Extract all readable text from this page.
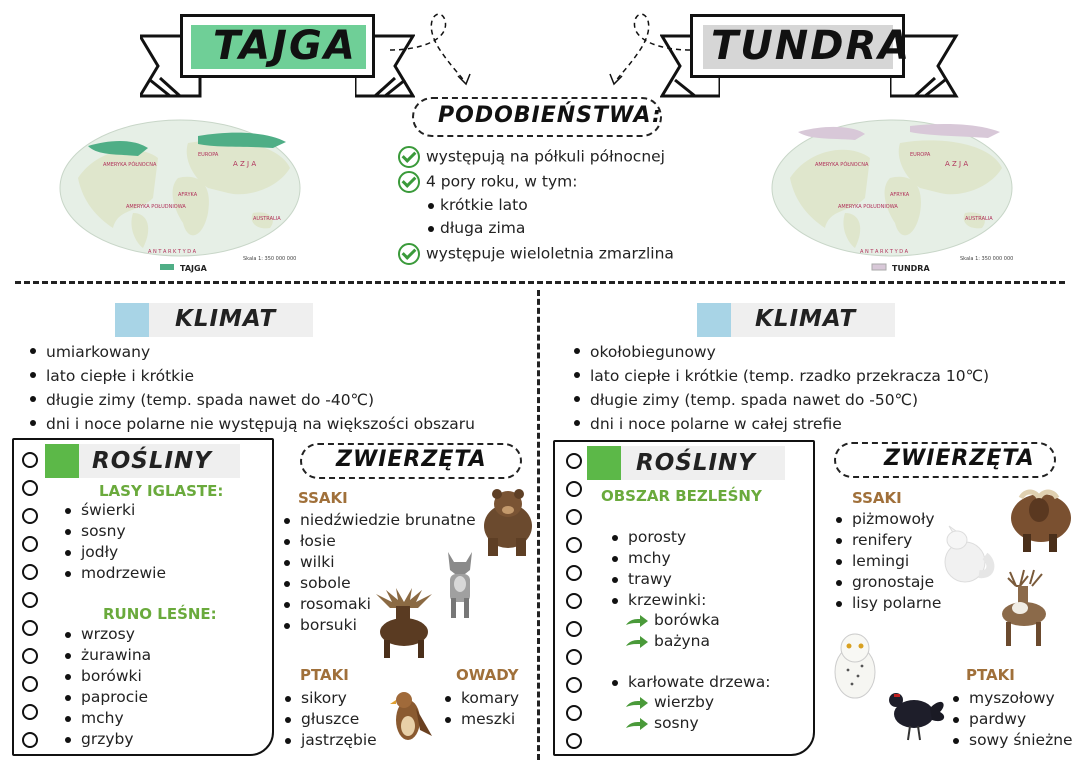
TAJGA	TUNDRA
PODOBIEŃSTWA:
występują na półkuli północnej
4 pory roku, w tym:
krótkie lato
długa zima
występuje wieloletnia zmarzlina
AMERYKA PÓŁNOCNA
EUROPA
A Z J A
AFRYKA
AMERYKA POŁUDNIOWA
AUSTRALIA
A N T A R K T Y D A
Skala 1: 350 000 000
TAJGA
AMERYKA PÓŁNOCNA
EUROPA
A Z J A
AFRYKA
AMERYKA POŁUDNIOWA
AUSTRALIA
A N T A R K T Y D A
Skala 1: 350 000 000
TUNDRA
KLIMAT
umiarkowany
lato ciepłe i krótkie
długie zimy (temp. spada nawet do -40℃)
dni i noce polarne nie występują na większości obszaru
ROŚLINY
LASY IGLASTE:
świerki
sosny
jodły
modrzewie
RUNO LEŚNE:
wrzosy
żurawina
borówki
paprocie
mchy
grzyby
ZWIERZĘTA
SSAKI
niedźwiedzie brunatne
łosie
wilki
sobole
rosomaki
borsuki
PTAKI
sikory
głuszce
jastrzębie
OWADY
komary
meszki
KLIMAT
okołobiegunowy
lato ciepłe i krótkie (temp. rzadko przekracza 10℃)
długie zimy (temp. spada nawet do -50℃)
dni i noce polarne w całej strefie
ROŚLINY
OBSZAR BEZLEŚNY
porosty
mchy
trawy
krzewinki:
borówka
bażyna
karłowate drzewa:
wierzby
sosny
ZWIERZĘTA
SSAKI
piżmowoły
renifery
lemingi
gronostaje
lisy polarne
PTAKI
myszołowy
pardwy
sowy śnieżne
